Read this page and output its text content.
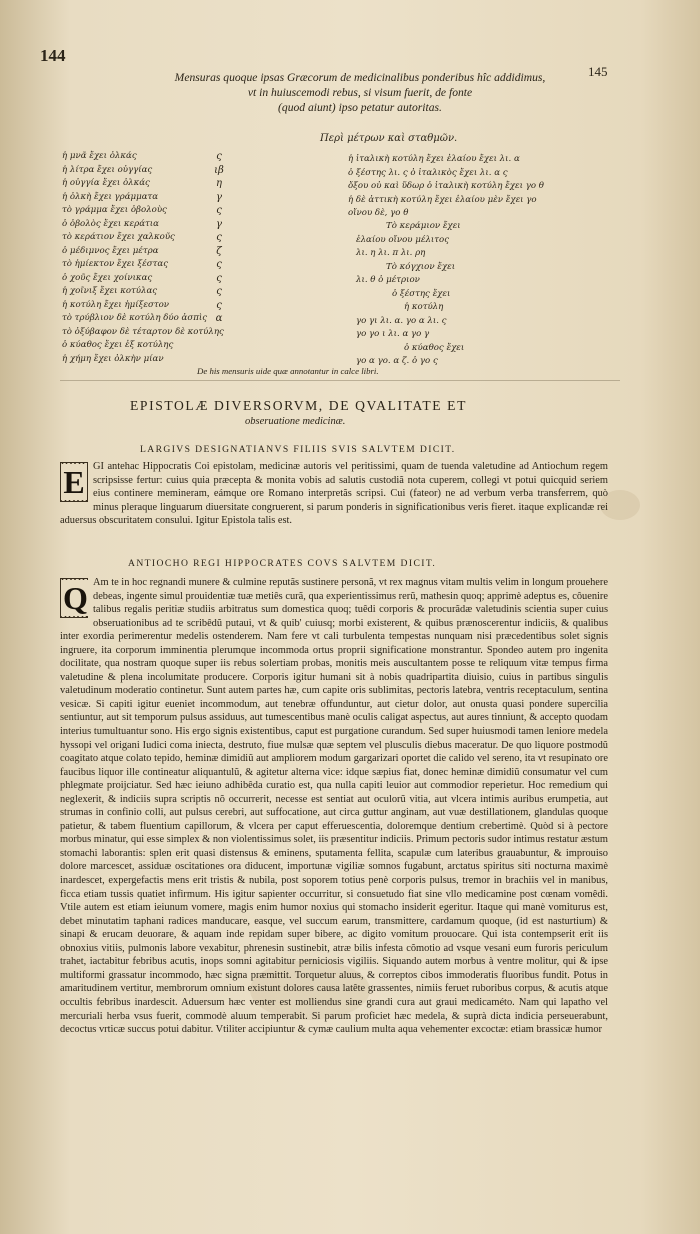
144
145
Mensuras quoque ipsas Græcorum de medicinalibus ponderibus hîc addidimus,
vt in huiuscemodi rebus, si visum fuerit, de fonte
(quod aiunt) ipso petatur autoritas.
Περὶ μέτρων καὶ σταθμῶν.
ἡ μνᾶ ἔχει ὀλκάς
ἡ λίτρα ἔχει οὐγγίας
ἡ οὐγγία ἔχει ὀλκάς
ἡ ὀλκὴ ἔχει γράμματα
τὸ γράμμα ἔχει ὀβολοὺς
ὁ ὀβολὸς ἔχει κεράτια
τὸ κεράτιον ἔχει χαλκοῦς
ὁ μέδιμνος ἔχει μέτρα
τὸ ἡμίεκτον ἔχει ξέστας
ὁ χοῦς ἔχει χοίνικας
ἡ χοῖνιξ ἔχει κοτύλας
ἡ κοτύλη ἔχει ἡμίξεστον
τὸ τρύβλιον δὲ κοτύλη δύο ἀσπὶς
τὸ ὀξύβαφον δὲ τέταρτον δὲ κοτύλης
ὁ κύαθος ἔχει ἐξ κοτύλης
ἡ χήμη ἔχει ὀλκὴν μίαν
ς
ιβ
η
γ
ς
γ
ς
ζ
ς
ς
ς
ς
α
ἡ ἰταλικὴ κοτύλη ἔχει ἐλαίου ἔχει λι. α
ὁ ξέστης λι. ς ὁ ἰταλικὸς ἔχει λι. α ς
ὄξου οὐ καὶ ὕδωρ ὁ ἰταλικὴ κοτύλη ἔχει γο θ
ἡ δὲ ἀττικὴ κοτύλη ἔχει ἐλαίου μὲν ἔχει γο
οἴνου δὲ, γο θ
Τὸ κεράμιον ἔχει
ἐλαίου οἴνου μέλιτος
λι. η λι. π λι. ρη
Τὸ κόγχιον ἔχει
λι. θ ὁ μέτριον
ὁ ξέστης ἔχει
ἡ κοτύλη
γο γι λι. α. γο α λι. ς
γο γο ι λι. α γο γ
ὁ κύαθος ἔχει
γο α γο. α ζ. ὁ γο ς
De his mensuris uide quæ annotantur in calce libri.
EPISTOLÆ DIVERSORVM, DE QVALITATE ET
obseruatione medicinæ.
LARGIVS DESIGNATIANVS FILIIS SVIS SALVTEM DICIT.
E GI antehac Hippocratis Coi epistolam, medicinæ autoris vel peritissimi, quam de tuenda valetudine ad Antiochum regem scripsisse fertur: cuius quia præcepta & monita vobis ad salutis custodiã nota cuperem, collegi vt potui quicquid seriem eius continere memineram, eámque ore Romano interpretãs scripsi. Cui (fateor) ne ad verbum verba transferrem, quò minus pleraque linguarum diuersitate congruerent, si parum ponderis in significationibus veris fieret. itaque explicandæ rei aduersus obscuritatem consului. Igitur Epistola talis est.
ANTIOCHO REGI HIPPOCRATES COVS SALVTEM DICIT.
Q Am te in hoc regnandi munere & culmine reputãs sustinere personã, vt rex magnus vitam multis velim in longum prouehere debeas, ingente simul prouidentiæ tuæ metiês curã, qua experientissimus rerũ, mathesin quoq; apprimè adeptus es, côuenire talibus regalis peritiæ studiis arbitratus sum domestica quoq; tuêdi corporis & procurãdæ valetudinis scientia super cuius obseruationibus ad te scribêdũ putaui, vt & quib' cuiusq; morbi existerent, & quibus prænoscerentur indiciis, & qualibus inter exordia perimerentur medelis ostenderem. Nam fere vt cali turbulenta tempestas nunquam nisi præcedentibus solet signis ingruere, ita corporum imminentia plerumque incommoda ortus proprii significatione monstrantur. Spondeo autem pro ingenita docilitate, qua nostram quoque super iis rebus solertiam probas, monitis meis auscultantem posse te reliquum vitæ tempus firma valetudine & plena incolumitate producere. Corporis igitur humani sit à nobis quadripartita diuisio, cuius in partibus singulis valetudinum moderatio continetur. Sunt autem partes hæ, cum capite oris sublimitas, pectoris latebra, ventris receptaculum, sentina vesicæ. Si capiti igitur eueniet incommodum, aut tenebræ offunduntur, aut cietur dolor, aut onusta quasi pondere supercilia sentiuntur, aut sit temporum pulsus assiduus, aut tumescentibus manè oculis caligat aspectus, aut aures tinniunt, & accepto quodam interius tumultuantur sono. His ergo signis existentibus, caput est purgatione curandum. Sed super huiusmodi tamen leniore medela hyssopi vel origani Iudici coma iniecta, destruto, fiue mulsæ quæ septem vel plusculis diebus maceratur. De quo liquore postmodũ coagitato atque colato tepido, heminæ dimidiũ aut ampliorem modum gargarizari oportet die calido vel sereno, ita vt resupinato ore faucibus liquor ille contineatur aliquantulũ, & agitetur alterna vice: idque sæpius fiat, donec heminæ dimidiũ consumatur vel cum phlegmate proijciatur. Sed hæc ieiuno adhibêda curatio est, qua nulla capiti leuior aut commodior reperietur. Hoc remedium qui neglexerit, & indiciis supra scriptis nõ occurrerit, necesse est sentiat aut oculorũ vitia, aut vlcera intimis auribus erumpetia, aut strumas in confinio colli, aut pulsus cerebri, aut suffocatione, aut circa guttur anginam, aut vuæ destillationem, glandulas quoque patietur, & tabem fluentium capillorum, & vlcera per caput efferuescentia, doloremque dentium crebertimè. Quòd si à pectore morbus minatur, qui esse simplex & non violentissimus solet, iis præsentitur indiciis. Primum pectoris sudor intimus restatur æstum stomachi laborantis: splen erit quasi distensus & eminens, sputamenta fellita, scapulæ cum lateribus grauabuntur, & improuiso dolore marcescet, assiduæ oscitationes ora diducent, importunæ vigiliæ somnos fugabunt, arctatus spiritus siti nocturna maximè inardescet, expergefactis mens erit tristis & nubila, post soporem totius penè corporis pulsus, tremor in brachiis vel in manibus, ficca etiam tussis quatiet infirmum. His igitur sapienter occurritur, si consuetudo fiat sine vllo medicamine post cœnam vomêdi. Vtile autem est etiam ieiunum vomere, magis enim humor noxius qui stomacho insiderit egeritur. Itaque qui manè vomiturus est, debet minutatim taphani radices manducare, easque, vel succum earum, transmittere, cardamum quoque, (id est nasturtium) & sinapi & erucam deuorare, & aquam inde repidam super bibere, ac digito vomitum prouocare. Qui ista contempserit erit iis obnoxius vitiis, pulmonis labore vexabitur, phrenesin sustinebit, atræ bilis infesta cõmotio ad vsque vesani eum furoris periculum trahet, iactabitur febribus acutis, inops somni agitabitur perniciosis vigiliis. Siquando autem morbus à ventre molitur, qui & ipse multiformi grassatur incommodo, hæc signa præmittit. Torquetur aluus, & correptos cibos immoderatis fluoribus fundit. Potus in amaritudinem vertitur, membrorum omnium existunt dolores causa latête grassentes, nimiis feruet ruboribus corpus, & acutis atque occultis febribus inardescit. Aduersum hæc venter est molliendus sine grandi cura aut graui medicaméto. Nam qui lapatho vel mercuriali herba vsus fuerit, commodè aluum temperabit. Si parum proficiet hæc medela, & suprà dicta indicia perseuerabunt, decoctus vrticæ succus potui dabitur. Vtiliter accipiuntur & cymæ caulium multa aqua vehementer excoctæ: etiam brassicæ humor
